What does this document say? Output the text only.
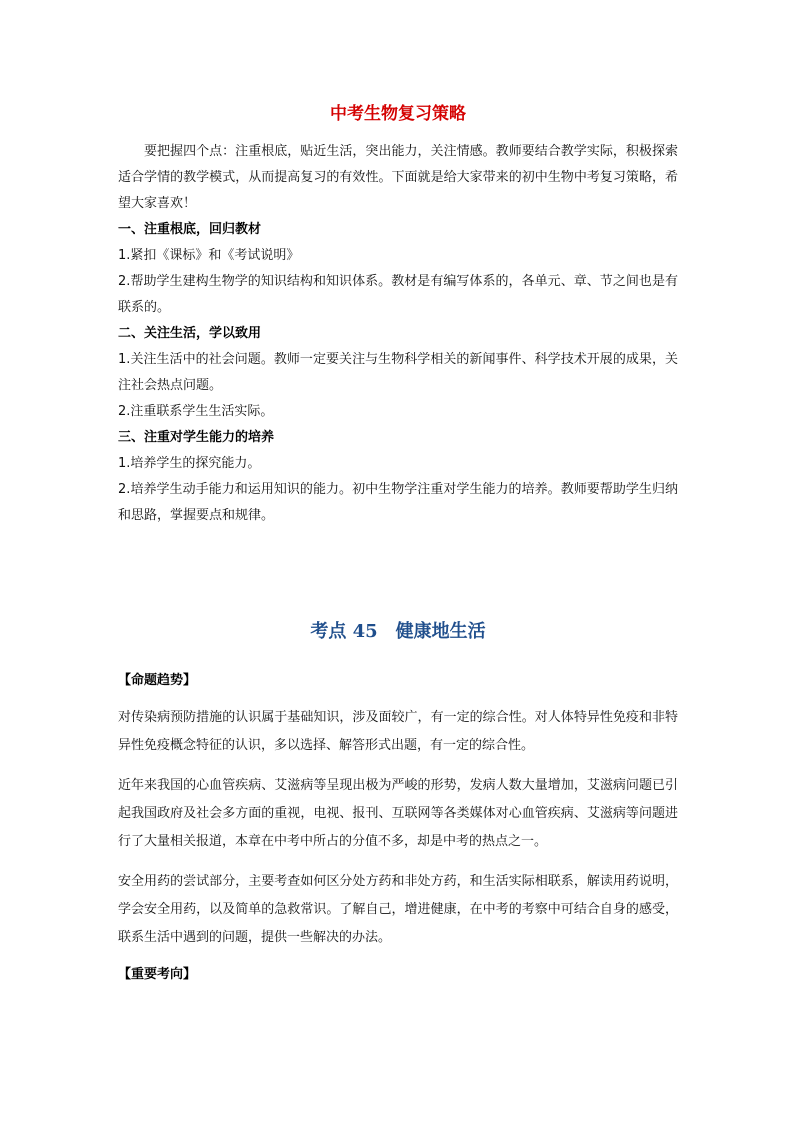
中考生物复习策略

要把握四个点：注重根底，贴近生活，突出能力，关注情感。教师要结合教学实际，积极探索适合学情的教学模式，从而提高复习的有效性。下面就是给大家带来的初中生物中考复习策略，希望大家喜欢！

一、注重根底，回归教材

1.紧扣《课标》和《考试说明》

2.帮助学生建构生物学的知识结构和知识体系。教材是有编写体系的，各单元、章、节之间也是有联系的。

二、关注生活，学以致用

1.关注生活中的社会问题。教师一定要关注与生物科学相关的新闻事件、科学技术开展的成果，关注社会热点问题。

2.注重联系学生生活实际。

三、注重对学生能力的培养

1.培养学生的探究能力。

2.培养学生动手能力和运用知识的能力。初中生物学注重对学生能力的培养。教师要帮助学生归纳和思路，掌握要点和规律。

考点 45　健康地生活

【命题趋势】

对传染病预防措施的认识属于基础知识，涉及面较广，有一定的综合性。对人体特异性免疫和非特异性免疫概念特征的认识，多以选择、解答形式出题，有一定的综合性。

近年来我国的心血管疾病、艾滋病等呈现出极为严峻的形势，发病人数大量增加，艾滋病问题已引起我国政府及社会多方面的重视，电视、报刊、互联网等各类媒体对心血管疾病、艾滋病等问题进行了大量相关报道，本章在中考中所占的分值不多，却是中考的热点之一。

安全用药的尝试部分，主要考查如何区分处方药和非处方药，和生活实际相联系，解读用药说明，学会安全用药，以及简单的急救常识。了解自己，增进健康，在中考的考察中可结合自身的感受，联系生活中遇到的问题，提供一些解决的办法。

【重要考向】
